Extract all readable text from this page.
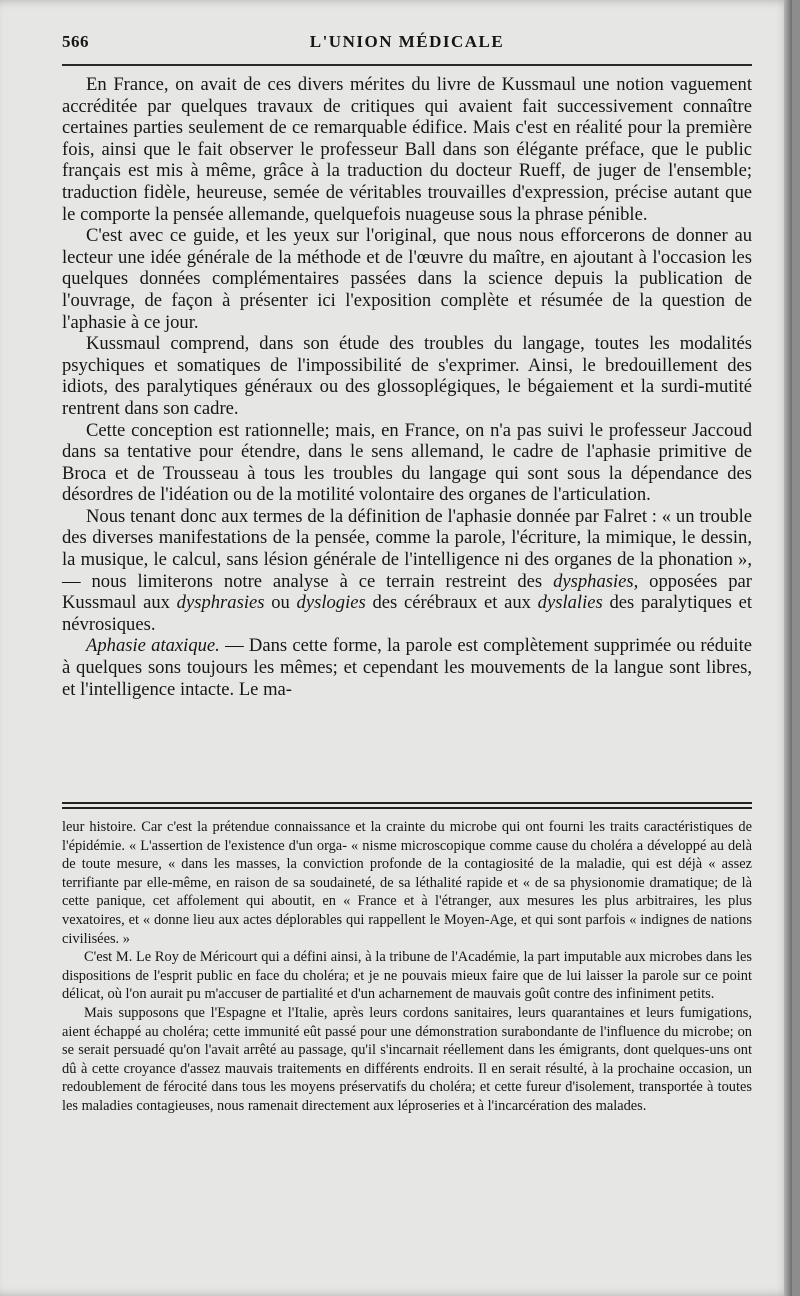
566	L'UNION MÉDICALE

En France, on avait de ces divers mérites du livre de Kussmaul une notion vaguement accréditée par quelques travaux de critiques qui avaient fait successivement connaître certaines parties seulement de ce remarquable édifice. Mais c'est en réalité pour la première fois, ainsi que le fait observer le professeur Ball dans son élégante préface, que le public français est mis à même, grâce à la traduction du docteur Rueff, de juger de l'ensemble; traduction fidèle, heureuse, semée de véritables trouvailles d'expression, précise autant que le comporte la pensée allemande, quelquefois nuageuse sous la phrase pénible.

C'est avec ce guide, et les yeux sur l'original, que nous nous efforcerons de donner au lecteur une idée générale de la méthode et de l'œuvre du maître, en ajoutant à l'occasion les quelques données complémentaires passées dans la science depuis la publication de l'ouvrage, de façon à présenter ici l'exposition complète et résumée de la question de l'aphasie à ce jour.

Kussmaul comprend, dans son étude des troubles du langage, toutes les modalités psychiques et somatiques de l'impossibilité de s'exprimer. Ainsi, le bredouillement des idiots, des paralytiques généraux ou des glossoplégiques, le bégaiement et la surdi-mutité rentrent dans son cadre.

Cette conception est rationnelle; mais, en France, on n'a pas suivi le professeur Jaccoud dans sa tentative pour étendre, dans le sens allemand, le cadre de l'aphasie primitive de Broca et de Trousseau à tous les troubles du langage qui sont sous la dépendance des désordres de l'idéation ou de la motilité volontaire des organes de l'articulation.

Nous tenant donc aux termes de la définition de l'aphasie donnée par Falret : « un trouble des diverses manifestations de la pensée, comme la parole, l'écriture, la mimique, le dessin, la musique, le calcul, sans lésion générale de l'intelligence ni des organes de la phonation », — nous limiterons notre analyse à ce terrain restreint des dysphasies, opposées par Kussmaul aux dysphrasies ou dyslogies des cérébraux et aux dyslalies des paralytiques et névrosiques.

Aphasie ataxique. — Dans cette forme, la parole est complètement supprimée ou réduite à quelques sons toujours les mêmes; et cependant les mouvements de la langue sont libres, et l'intelligence intacte. Le ma-

leur histoire. Car c'est la prétendue connaissance et la crainte du microbe qui ont fourni les traits caractéristiques de l'épidémie. « L'assertion de l'existence d'un orga- « nisme microscopique comme cause du choléra a développé au delà de toute mesure, « dans les masses, la conviction profonde de la contagiosité de la maladie, qui est déjà « assez terrifiante par elle-même, en raison de sa soudaineté, de sa léthalité rapide et « de sa physionomie dramatique; de là cette panique, cet affolement qui aboutit, en « France et à l'étranger, aux mesures les plus arbitraires, les plus vexatoires, et « donne lieu aux actes déplorables qui rappellent le Moyen-Age, et qui sont parfois « indignes de nations civilisées. »

C'est M. Le Roy de Méricourt qui a défini ainsi, à la tribune de l'Académie, la part imputable aux microbes dans les dispositions de l'esprit public en face du choléra; et je ne pouvais mieux faire que de lui laisser la parole sur ce point délicat, où l'on aurait pu m'accuser de partialité et d'un acharnement de mauvais goût contre des infiniment petits.

Mais supposons que l'Espagne et l'Italie, après leurs cordons sanitaires, leurs quarantaines et leurs fumigations, aient échappé au choléra; cette immunité eût passé pour une démonstration surabondante de l'influence du microbe; on se serait persuadé qu'on l'avait arrêté au passage, qu'il s'incarnait réellement dans les émigrants, dont quelques-uns ont dû à cette croyance d'assez mauvais traitements en différents endroits. Il en serait résulté, à la prochaine occasion, un redoublement de férocité dans tous les moyens préservatifs du choléra; et cette fureur d'isolement, transportée à toutes les maladies contagieuses, nous ramenait directement aux léproseries et à l'incarcération des malades.
